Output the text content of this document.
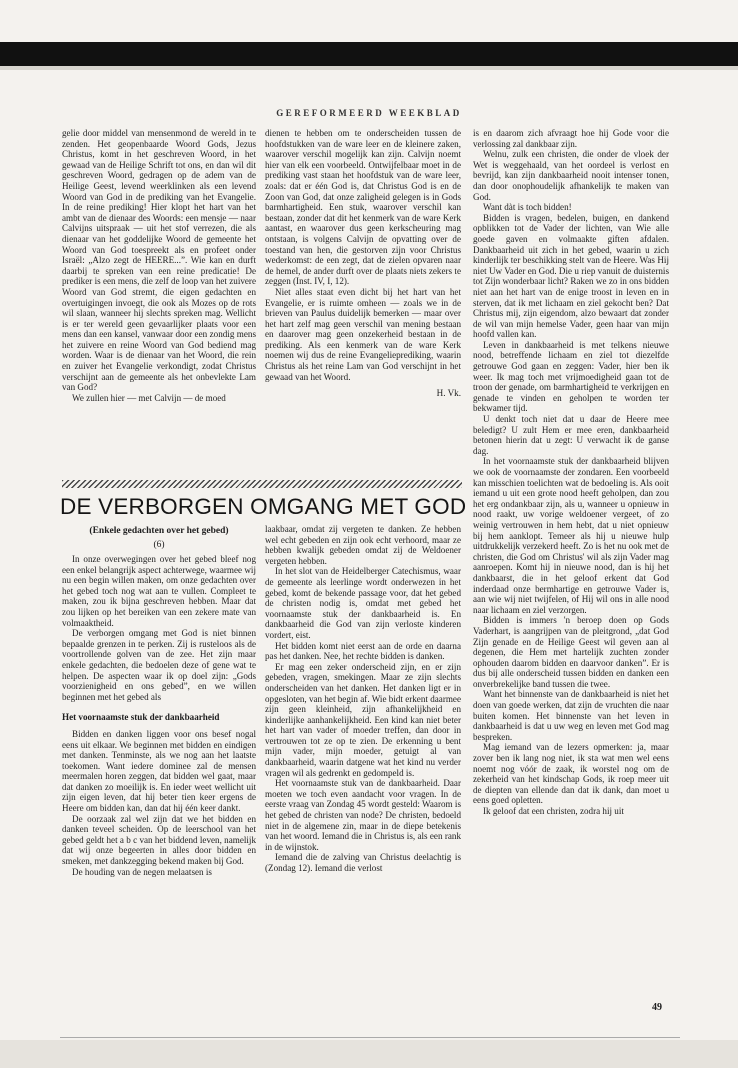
GEREFORMEERD WEEKBLAD

gelie door middel van mensenmond de wereld in te zenden. Het geopenbaarde Woord Gods, Jezus Christus, komt in het geschreven Woord, in het gewaad van de Heilige Schrift tot ons, en dan wil dit geschreven Woord, gedragen op de adem van de Heilige Geest, levend weerklinken als een levend Woord van God in de prediking van het Evangelie. In de reine prediking! Hier klopt het hart van het ambt van de dienaar des Woords: een mensje — naar Calvijns uitspraak — uit het stof verrezen, die als dienaar van het goddelijke Woord de gemeente het Woord van God toespreekt als en profeet onder Israël: „Alzo zegt de HEERE...”. Wie kan en durft daarbij te spreken van een reine predicatie! De prediker is een mens, die zelf de loop van het zuivere Woord van God stremt, die eigen gedachten en overtuigingen invoegt, die ook als Mozes op de rots wil slaan, wanneer hij slechts spreken mag. Wellicht is er ter wereld geen gevaarlijker plaats voor een mens dan een kansel, vanwaar door een zondig mens het zuivere en reine Woord van God bediend mag worden. Waar is de dienaar van het Woord, die rein en zuiver het Evangelie verkondigt, zodat Christus verschijnt aan de gemeente als het onbevlekte Lam van God?

We zullen hier — met Calvijn — de moed

dienen te hebben om te onderscheiden tussen de hoofdstukken van de ware leer en de kleinere zaken, waarover verschil mogelijk kan zijn. Calvijn noemt hier van elk een voorbeeld. Ontwijfelbaar moet in de prediking vast staan het hoofdstuk van de ware leer, zoals: dat er één God is, dat Christus God is en de Zoon van God, dat onze zaligheid gelegen is in Gods barmhartigheid. Een stuk, waarover verschil kan bestaan, zonder dat dit het kenmerk van de ware Kerk aantast, en waarover dus geen kerkscheuring mag ontstaan, is volgens Calvijn de opvatting over de toestand van hen, die gestorven zijn voor Christus wederkomst: de een zegt, dat de zielen opvaren naar de hemel, de ander durft over de plaats niets zekers te zeggen (Inst. IV, I, 12).

Niet alles staat even dicht bij het hart van het Evangelie, er is ruimte omheen — zoals we in de brieven van Paulus duidelijk bemerken — maar over het hart zelf mag geen verschil van mening bestaan en daarover mag geen onzekerheid bestaan in de prediking. Als een kenmerk van de ware Kerk noemen wij dus de reine Evangelieprediking, waarin Christus als het reine Lam van God verschijnt in het gewaad van het Woord.

H. Vk.

DE VERBORGEN OMGANG MET GOD
(Enkele gedachten over het gebed)
(6)

In onze overwegingen over het gebed bleef nog een enkel belangrijk aspect achterwege, waarmee wij nu een begin willen maken, om onze gedachten over het gebed toch nog wat aan te vullen. Compleet te maken, zou ik bijna geschreven hebben. Maar dat zou lijken op het bereiken van een zekere mate van volmaaktheid.

De verborgen omgang met God is niet binnen bepaalde grenzen in te perken. Zij is rusteloos als de voortrollende golven van de zee. Het zijn maar enkele gedachten, die bedoelen deze of gene wat te helpen. De aspecten waar ik op doel zijn: „Gods voorzienigheid en ons gebed”, en we willen beginnen met het gebed als

Het voornaamste stuk der dankbaarheid

Bidden en danken liggen voor ons besef nogal eens uit elkaar. We beginnen met bidden en eindigen met danken. Tenminste, als we nog aan het laatste toekomen. Want iedere dominee zal de mensen meermalen horen zeggen, dat bidden wel gaat, maar dat danken zo moeilijk is. En ieder weet wellicht uit zijn eigen leven, dat hij beter tien keer ergens de Heere om bidden kan, dan dat hij één keer dankt.

De oorzaak zal wel zijn dat we het bidden en danken teveel scheiden. Op de leerschool van het gebed geldt het a b c van het biddend leven, namelijk dat wij onze begeerten in alles door bidden en smeken, met dankzegging bekend maken bij God.

De houding van de negen melaatsen is

laakbaar, omdat zij vergeten te danken. Ze hebben wel echt gebeden en zijn ook echt verhoord, maar ze hebben kwalijk gebeden omdat zij de Weldoener vergeten hebben.

In het slot van de Heidelberger Catechismus, waar de gemeente als leerlinge wordt onderwezen in het gebed, komt de bekende passage voor, dat het gebed de christen nodig is, omdat met gebed het voornaamste stuk der dankbaarheid is. En dankbaarheid die God van zijn verloste kinderen vordert, eist.

Het bidden komt niet eerst aan de orde en daarna pas het danken. Nee, het rechte bidden is danken.

Er mag een zeker onderscheid zijn, en er zijn gebeden, vragen, smekingen. Maar ze zijn slechts onderscheiden van het danken. Het danken ligt er in opgesloten, van het begin af. Wie bidt erkent daarmee zijn geen kleinheid, zijn afhankelijkheid en kinderlijke aanhankelijkheid. Een kind kan niet beter het hart van vader of moeder treffen, dan door in vertrouwen tot ze op te zien. De erkenning u bent mijn vader, mijn moeder, getuigt al van dankbaarheid, waarin datgene wat het kind nu verder vragen wil als gedrenkt en gedompeld is.

Het voornaamste stuk van de dankbaarheid. Daar moeten we toch even aandacht voor vragen. In de eerste vraag van Zondag 45 wordt gesteld: Waarom is het gebed de christen van node? De christen, bedoeld niet in de algemene zin, maar in de diepe betekenis van het woord. Iemand die in Christus is, als een rank in de wijnstok.

Iemand die de zalving van Christus deelachtig is (Zondag 12). Iemand die verlost

is en daarom zich afvraagt hoe hij Gode voor die verlossing zal dankbaar zijn.

Welnu, zulk een christen, die onder de vloek der Wet is weggehaald, van het oordeel is verlost en bevrijd, kan zijn dankbaarheid nooit intenser tonen, dan door onophoudelijk afhankelijk te maken van God.

Want dàt is toch bidden!

Bidden is vragen, bedelen, buigen, en dankend opblikken tot de Vader der lichten, van Wie alle goede gaven en volmaakte giften afdalen. Dankbaarheid uit zich in het gebed, waarin u zich kinderlijk ter beschikking stelt van de Heere. Was Hij niet Uw Vader en God. Die u riep vanuit de duisternis tot Zijn wonderbaar licht? Raken we zo in ons bidden niet aan het hart van de enige troost in leven en in sterven, dat ik met lichaam en ziel gekocht ben? Dat Christus mij, zijn eigendom, alzo bewaart dat zonder de wil van mijn hemelse Vader, geen haar van mijn hoofd vallen kan.

Leven in dankbaarheid is met telkens nieuwe nood, betreffende lichaam en ziel tot diezelfde getrouwe God gaan en zeggen: Vader, hier ben ik weer. Ik mag toch met vrijmoedigheid gaan tot de troon der genade, om barmhartigheid te verkrijgen en genade te vinden en geholpen te worden ter bekwamer tijd.

U denkt toch niet dat u daar de Heere mee beledigt? U zult Hem er mee eren, dankbaarheid betonen hierin dat u zegt: U verwacht ik de ganse dag.

In het voornaamste stuk der dankbaarheid blijven we ook de voornaamste der zondaren. Een voorbeeld kan misschien toelichten wat de bedoeling is. Als ooit iemand u uit een grote nood heeft geholpen, dan zou het erg ondankbaar zijn, als u, wanneer u opnieuw in nood raakt, uw vorige weldoener vergeet, of zo weinig vertrouwen in hem hebt, dat u niet opnieuw bij hem aanklopt. Temeer als hij u nieuwe hulp uitdrukkelijk verzekerd heeft. Zo is het nu ook met de christen, die God om Christus' wil als zijn Vader mag aanroepen. Komt hij in nieuwe nood, dan is hij het dankbaarst, die in het geloof erkent dat God inderdaad onze bermhartige en getrouwe Vader is, aan wie wij niet twijfelen, of Hij wil ons in alle nood naar lichaam en ziel verzorgen.

Bidden is immers 'n beroep doen op Gods Vaderhart, is aangrijpen van de pleitgrond, „dat God Zijn genade en de Heilige Geest wil geven aan al degenen, die Hem met hartelijk zuchten zonder ophouden daarom bidden en daarvoor danken”. Er is dus bij alle onderscheid tussen bidden en danken een onverbrekelijke band tussen die twee.

Want het binnenste van de dankbaarheid is niet het doen van goede werken, dat zijn de vruchten die naar buiten komen. Het binnenste van het leven in dankbaarheid is dat u uw weg en leven met God mag bespreken.

Mag iemand van de lezers opmerken: ja, maar zover ben ik lang nog niet, ik sta wat men wel eens noemt nog vóór de zaak, ik worstel nog om de zekerheid van het kindschap Gods, ik roep meer uit de diepten van ellende dan dat ik dank, dan moet u eens goed opletten.

Ik geloof dat een christen, zodra hij uit

49
